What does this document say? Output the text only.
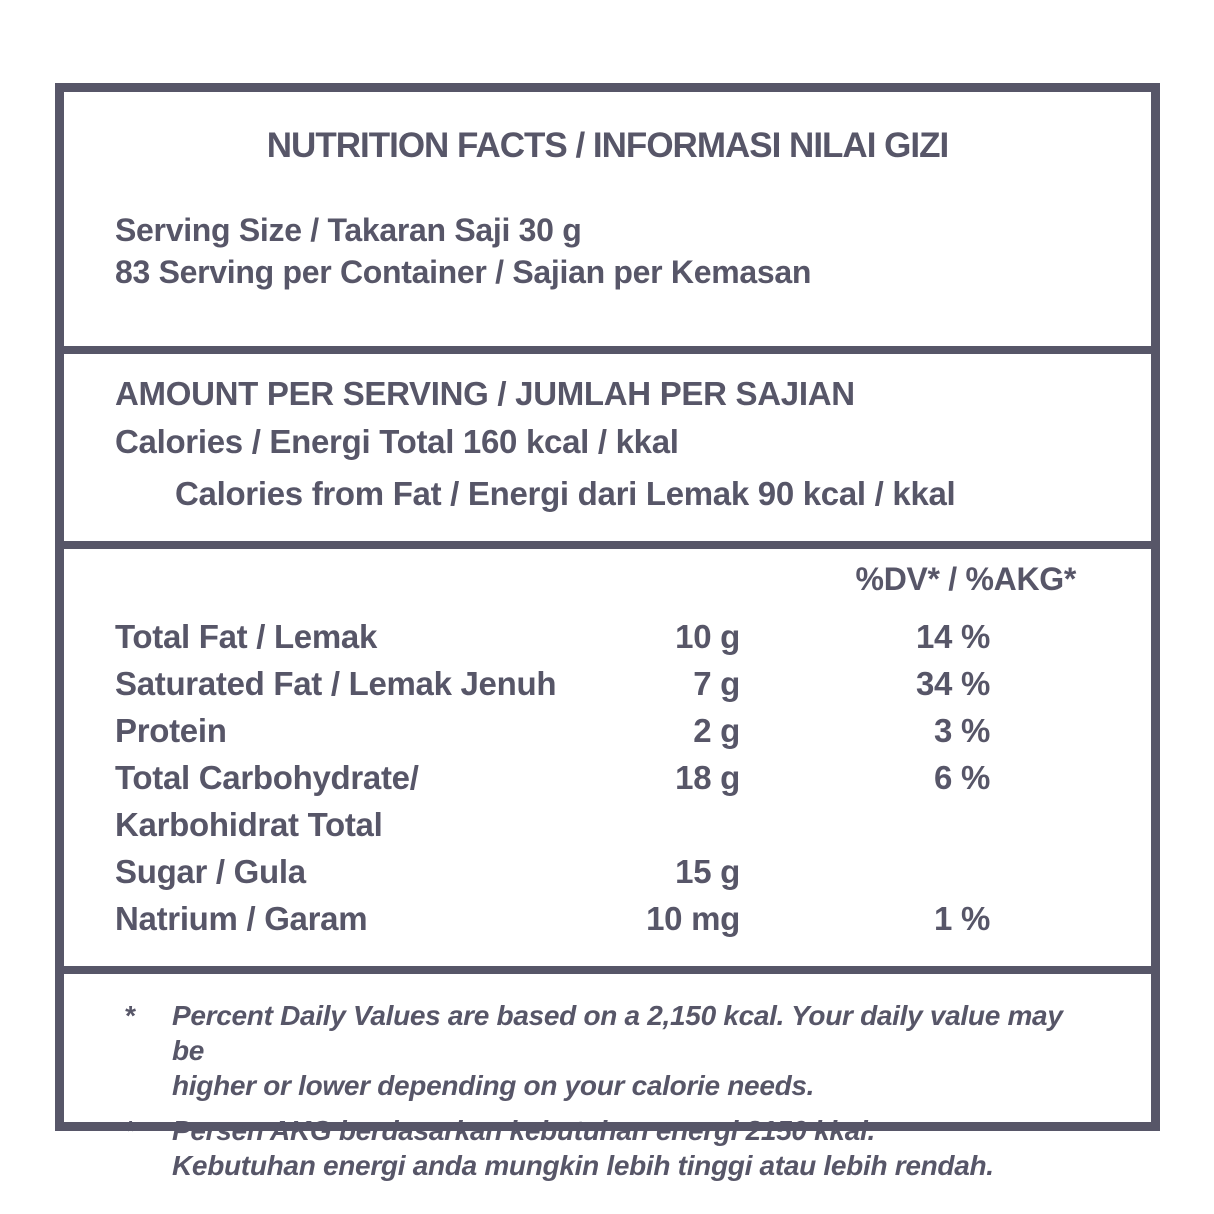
NUTRITION FACTS / INFORMASI NILAI GIZI
Serving Size / Takaran Saji 30 g
83 Serving per Container / Sajian per Kemasan
AMOUNT PER SERVING / JUMLAH PER SAJIAN
Calories / Energi Total 160 kcal / kkal
Calories from Fat / Energi dari Lemak 90 kcal / kkal
%DV* / %AKG*
Total Fat / Lemak	10 g	14 %
Saturated Fat / Lemak Jenuh	7 g	34 %
Protein	2 g	3 %
Total Carbohydrate/
Karbohidrat Total
18 g	6 %
Sugar / Gula	15 g
Natrium / Garam	10 mg	1 %
*	Percent Daily Values are based on a 2,150 kcal. Your daily value may be
higher or lower depending on your calorie needs.
*	Persen AKG berdasarkan kebutuhan energi 2150 kkal.
Kebutuhan energi anda mungkin lebih tinggi atau lebih rendah.
